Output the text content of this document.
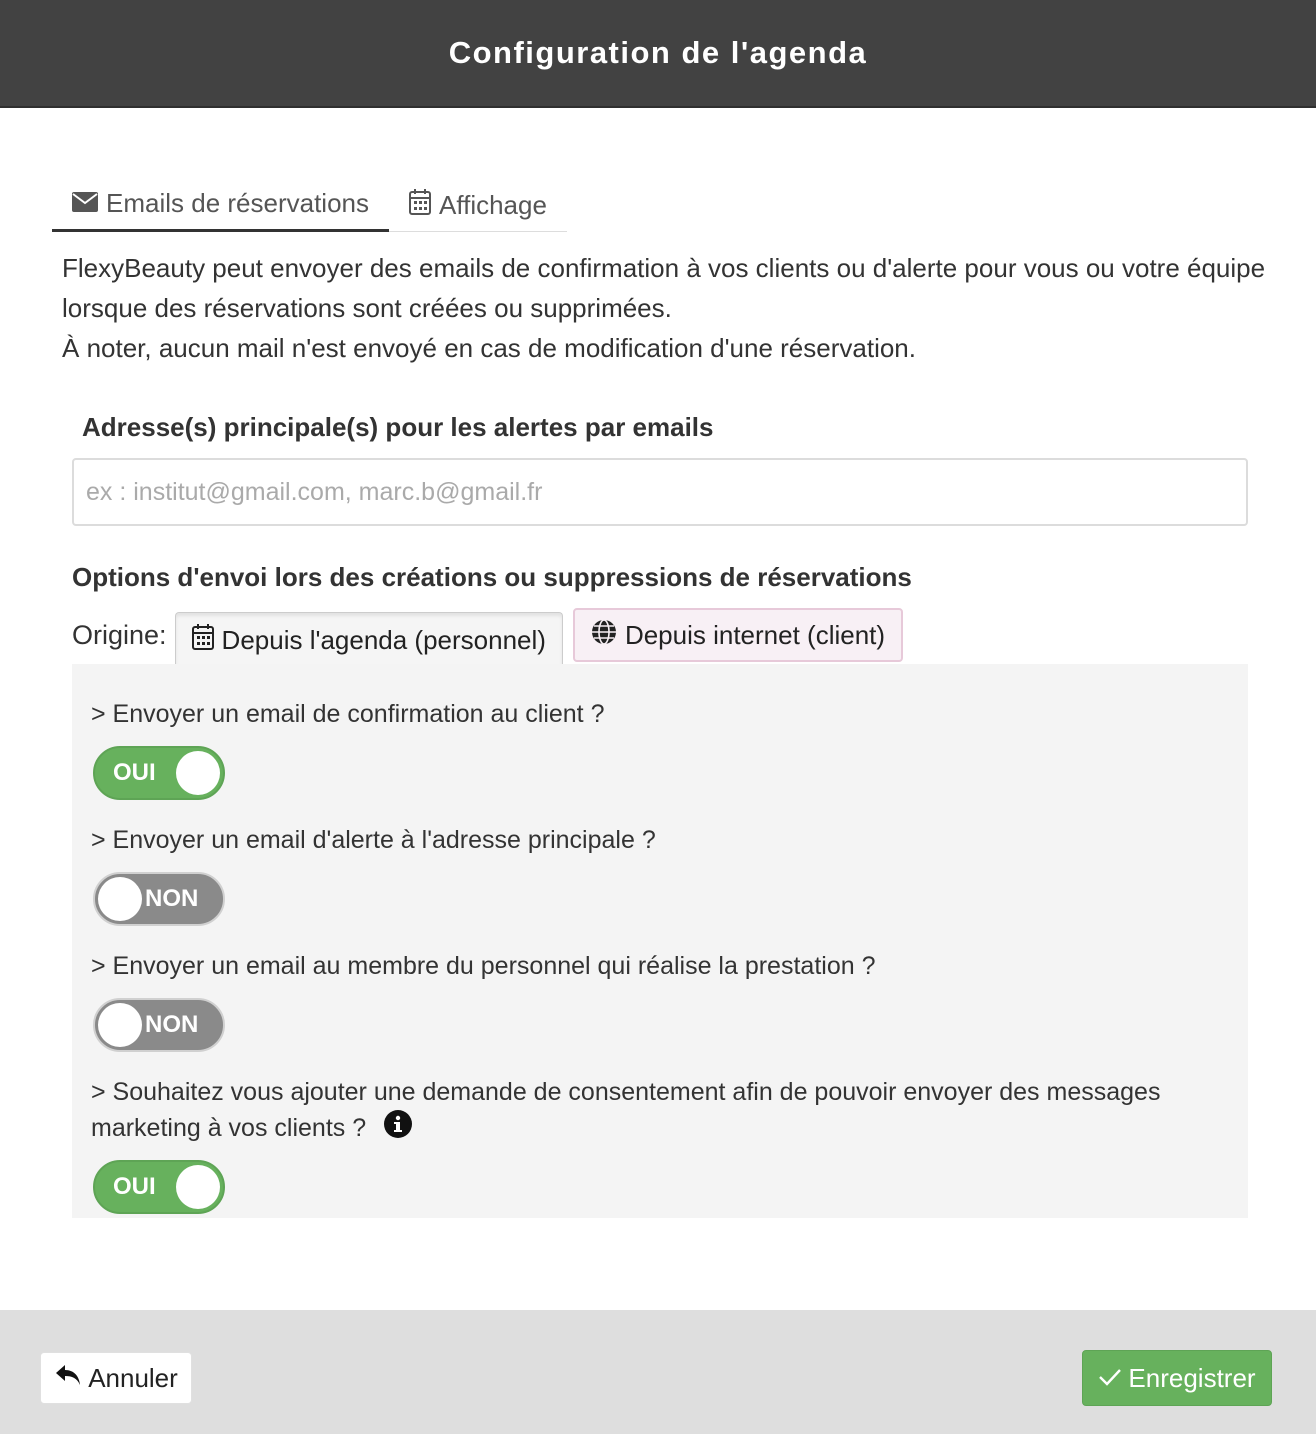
Configuration de l'agenda
Emails de réservations	Affichage
FlexyBeauty peut envoyer des emails de confirmation à vos clients ou d'alerte pour vous ou votre équipe lorsque des réservations sont créées ou supprimées.
À noter, aucun mail n'est envoyé en cas de modification d'une réservation.
Adresse(s) principale(s) pour les alertes par emails
ex : institut@gmail.com, marc.b@gmail.fr
Options d'envoi lors des créations ou suppressions de réservations
Origine: Depuis l'agenda (personnel)	Depuis internet (client)
> Envoyer un email de confirmation au client ?
OUI
> Envoyer un email d'alerte à l'adresse principale ?
NON
> Envoyer un email au membre du personnel qui réalise la prestation ?
NON
> Souhaitez vous ajouter une demande de consentement afin de pouvoir envoyer des messages marketing à vos clients ?
OUI
Annuler	Enregistrer
